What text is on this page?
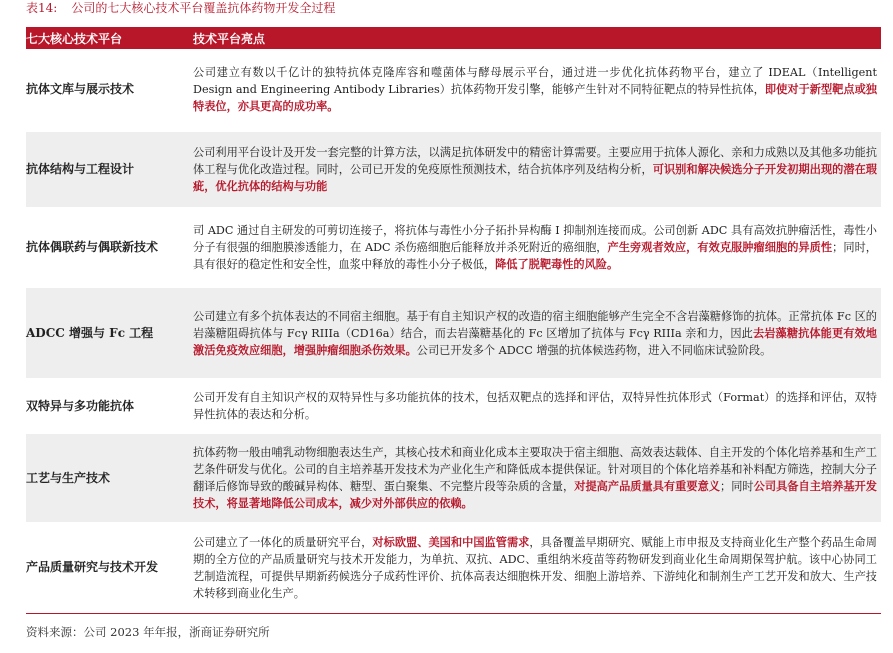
表14: 公司的七大核心技术平台覆盖抗体药物开发全过程
七大核心技术平台	技术平台亮点
抗体文库与展示技术
公司建立有数以千亿计的独特抗体克隆库容和噬菌体与酵母展示平台，通过进一步优化抗体药物平台，建立了 IDEAL（Intelligent Design and Engineering Antibody Libraries）抗体药物开发引擎，能够产生针对不同特征靶点的特异性抗体，即使对于新型靶点或独特表位，亦具更高的成功率。
抗体结构与工程设计
公司利用平台设计及开发一套完整的计算方法，以满足抗体研发中的精密计算需要。主要应用于抗体人源化、亲和力成熟以及其他多功能抗体工程与优化改造过程。同时，公司已开发的免疫原性预测技术，结合抗体序列及结构分析，可识别和解决候选分子开发初期出现的潜在瑕疵，优化抗体的结构与功能
抗体偶联药与偶联新技术
司 ADC 通过自主研发的可剪切连接子，将抗体与毒性小分子拓扑异构酶 I 抑制剂连接而成。公司创新 ADC 具有高效抗肿瘤活性，毒性小分子有很强的细胞膜渗透能力，在 ADC 杀伤癌细胞后能释放并杀死附近的癌细胞，产生旁观者效应，有效克服肿瘤细胞的异质性；同时，具有很好的稳定性和安全性，血浆中释放的毒性小分子极低，降低了脱靶毒性的风险。
ADCC 增强与 Fc 工程
公司建立有多个抗体表达的不同宿主细胞。基于有自主知识产权的改造的宿主细胞能够产生完全不含岩藻糖修饰的抗体。正常抗体 Fc 区的岩藻糖阻碍抗体与 Fcγ RIIIa（CD16a）结合，而去岩藻糖基化的 Fc 区增加了抗体与 Fcγ RIIIa 亲和力，因此去岩藻糖抗体能更有效地激活免疫效应细胞，增强肿瘤细胞杀伤效果。公司已开发多个 ADCC 增强的抗体候选药物，进入不同临床试验阶段。
双特异与多功能抗体
公司开发有自主知识产权的双特异性与多功能抗体的技术，包括双靶点的选择和评估，双特异性抗体形式（Format）的选择和评估，双特异性抗体的表达和分析。
工艺与生产技术
抗体药物一般由哺乳动物细胞表达生产，其核心技术和商业化成本主要取决于宿主细胞、高效表达载体、自主开发的个体化培养基和生产工艺条件研发与优化。公司的自主培养基开发技术为产业化生产和降低成本提供保证。针对项目的个体化培养基和补料配方筛选，控制大分子翻译后修饰导致的酸碱异构体、糖型、蛋白聚集、不完整片段等杂质的含量，对提高产品质量具有重要意义；同时公司具备自主培养基开发技术，将显著地降低公司成本，减少对外部供应的依赖。
产品质量研究与技术开发
公司建立了一体化的质量研究平台，对标欧盟、美国和中国监管需求，具备覆盖早期研究、赋能上市申报及支持商业化生产整个药品生命周期的全方位的产品质量研究与技术开发能力，为单抗、双抗、ADC、重组纳米疫苗等药物研发到商业化生命周期保驾护航。该中心协同工艺制造流程，可提供早期新药候选分子成药性评价、抗体高表达细胞株开发、细胞上游培养、下游纯化和制剂生产工艺开发和放大、生产技术转移到商业化生产。
资料来源：公司 2023 年年报，浙商证券研究所
